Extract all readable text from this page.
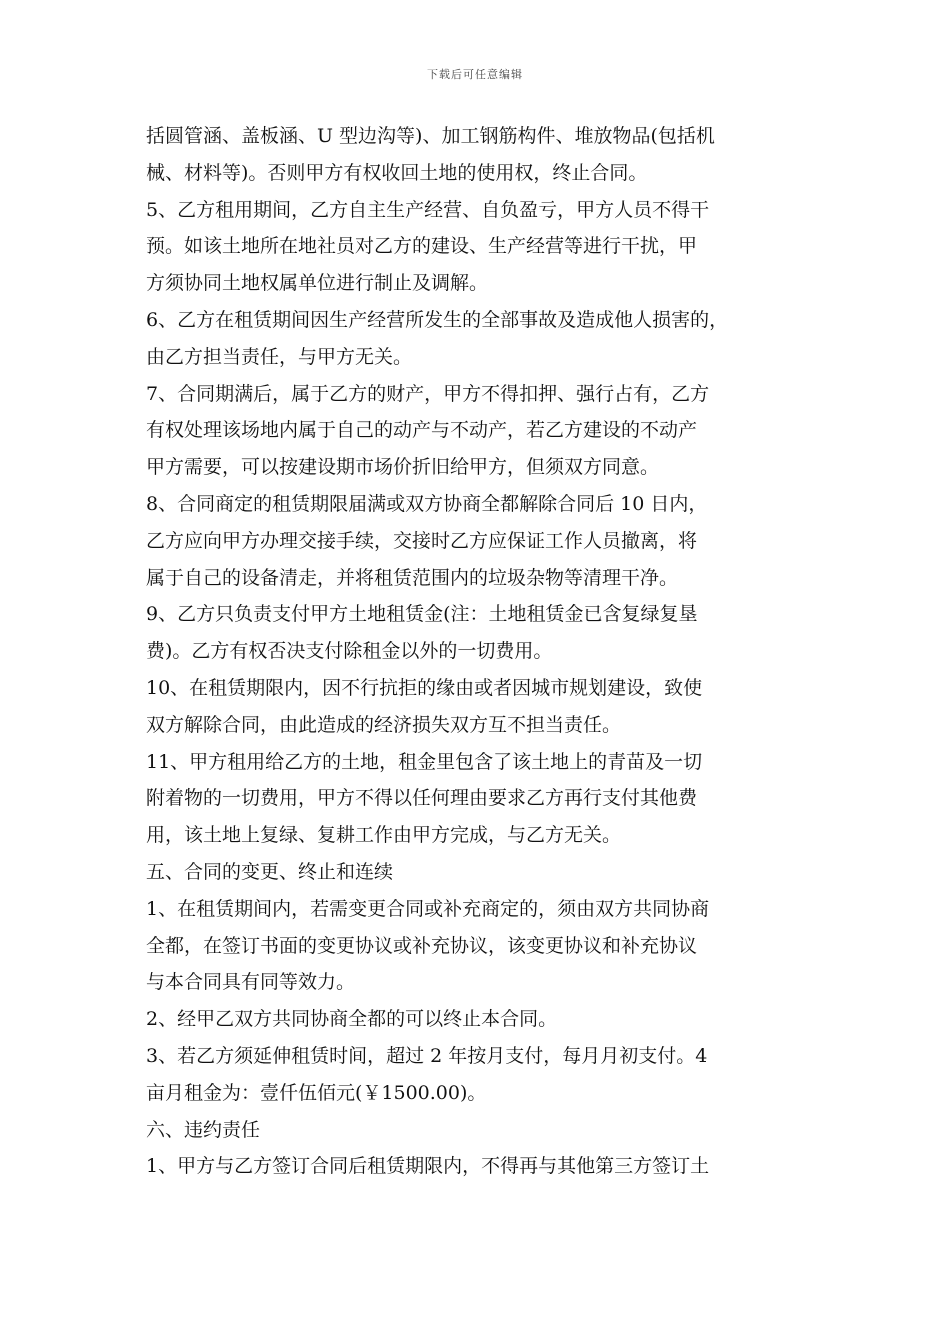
下载后可任意编辑
括圆管涵、盖板涵、U 型边沟等)、加工钢筋构件、堆放物品(包括机
械、材料等)。否则甲方有权收回土地的使用权，终止合同。
5、乙方租用期间，乙方自主生产经营、自负盈亏，甲方人员不得干
预。如该土地所在地社员对乙方的建设、生产经营等进行干扰，甲
方须协同土地权属单位进行制止及调解。
6、乙方在租赁期间因生产经营所发生的全部事故及造成他人损害的，
由乙方担当责任，与甲方无关。
7、合同期满后，属于乙方的财产，甲方不得扣押、强行占有，乙方
有权处理该场地内属于自己的动产与不动产，若乙方建设的不动产
甲方需要，可以按建设期市场价折旧给甲方，但须双方同意。
8、合同商定的租赁期限届满或双方协商全都解除合同后 10 日内，
乙方应向甲方办理交接手续，交接时乙方应保证工作人员撤离，将
属于自己的设备清走，并将租赁范围内的垃圾杂物等清理干净。
9、乙方只负责支付甲方土地租赁金(注：土地租赁金已含复绿复垦
费)。乙方有权否决支付除租金以外的一切费用。
10、在租赁期限内，因不行抗拒的缘由或者因城市规划建设，致使
双方解除合同，由此造成的经济损失双方互不担当责任。
11、甲方租用给乙方的土地，租金里包含了该土地上的青苗及一切
附着物的一切费用，甲方不得以任何理由要求乙方再行支付其他费
用，该土地上复绿、复耕工作由甲方完成，与乙方无关。
五、合同的变更、终止和连续
1、在租赁期间内，若需变更合同或补充商定的，须由双方共同协商
全都，在签订书面的变更协议或补充协议，该变更协议和补充协议
与本合同具有同等效力。
2、经甲乙双方共同协商全都的可以终止本合同。
3、若乙方须延伸租赁时间，超过 2 年按月支付，每月月初支付。4
亩月租金为：壹仟伍佰元(￥1500.00)。
六、违约责任
1、甲方与乙方签订合同后租赁期限内，不得再与其他第三方签订土
